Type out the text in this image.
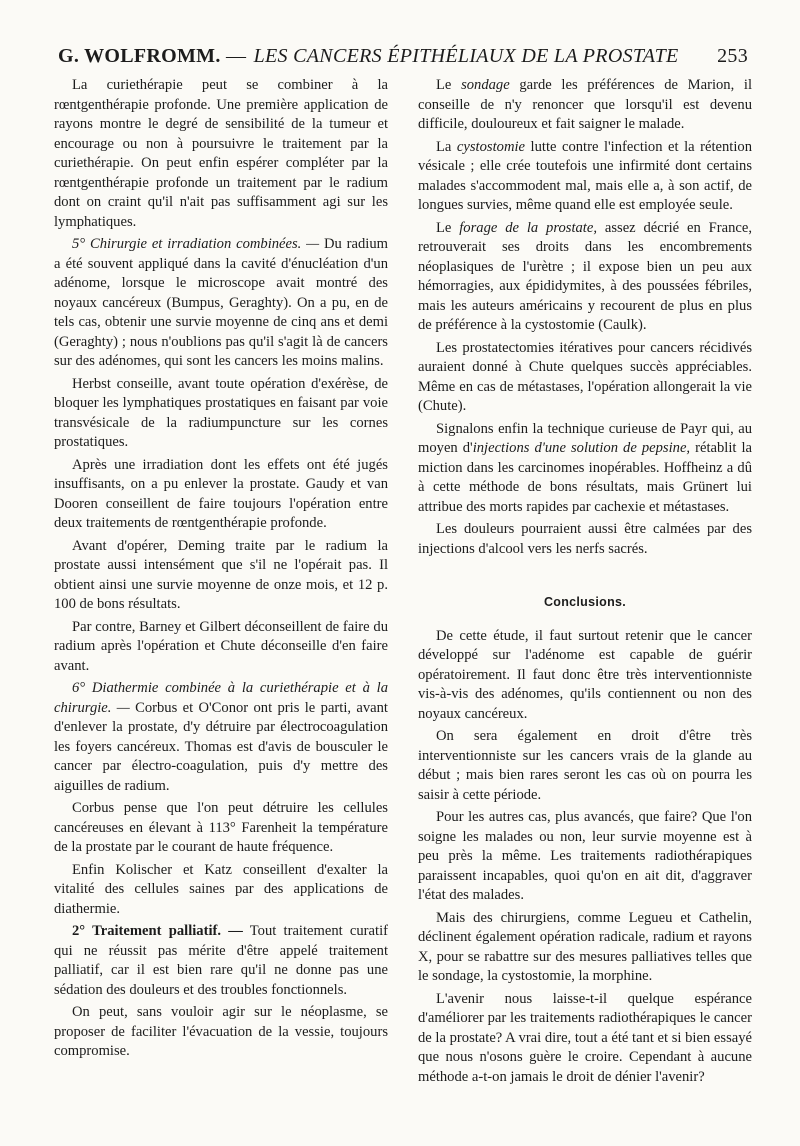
G. WOLFROMM. — LES CANCERS ÉPITHÉLIAUX DE LA PROSTATE 253

La curiethérapie peut se combiner à la rœntgenthérapie profonde. Une première application de rayons montre le degré de sensibilité de la tumeur et encourage ou non à poursuivre le traitement par la curiethérapie. On peut enfin espérer compléter par la rœntgenthérapie profonde un traitement par le radium dont on craint qu'il n'ait pas suffisamment agi sur les lymphatiques.

5° Chirurgie et irradiation combinées. — Du radium a été souvent appliqué dans la cavité d'énucléation d'un adénome, lorsque le microscope avait montré des noyaux cancéreux (Bumpus, Geraghty). On a pu, en de tels cas, obtenir une survie moyenne de cinq ans et demi (Geraghty) ; nous n'oublions pas qu'il s'agit là de cancers sur des adénomes, qui sont les cancers les moins malins.

Herbst conseille, avant toute opération d'exérèse, de bloquer les lymphatiques prostatiques en faisant par voie transvésicale de la radiumpuncture sur les cornes prostatiques.

Après une irradiation dont les effets ont été jugés insuffisants, on a pu enlever la prostate. Gaudy et van Dooren conseillent de faire toujours l'opération entre deux traitements de rœntgenthérapie profonde.

Avant d'opérer, Deming traite par le radium la prostate aussi intensément que s'il ne l'opérait pas. Il obtient ainsi une survie moyenne de onze mois, et 12 p. 100 de bons résultats.

Par contre, Barney et Gilbert déconseillent de faire du radium après l'opération et Chute déconseille d'en faire avant.

6° Diathermie combinée à la curiethérapie et à la chirurgie. — Corbus et O'Conor ont pris le parti, avant d'enlever la prostate, d'y détruire par électrocoagulation les foyers cancéreux. Thomas est d'avis de bousculer le cancer par électro-coagulation, puis d'y mettre des aiguilles de radium.

Corbus pense que l'on peut détruire les cellules cancéreuses en élevant à 113° Farenheit la température de la prostate par le courant de haute fréquence.

Enfin Kolischer et Katz conseillent d'exalter la vitalité des cellules saines par des applications de diathermie.

2° Traitement palliatif. — Tout traitement curatif qui ne réussit pas mérite d'être appelé traitement palliatif, car il est bien rare qu'il ne donne pas une sédation des douleurs et des troubles fonctionnels.

On peut, sans vouloir agir sur le néoplasme, se proposer de faciliter l'évacuation de la vessie, toujours compromise.

Le sondage garde les préférences de Marion, il conseille de n'y renoncer que lorsqu'il est devenu difficile, douloureux et fait saigner le malade.

La cystostomie lutte contre l'infection et la rétention vésicale ; elle crée toutefois une infirmité dont certains malades s'accommodent mal, mais elle a, à son actif, de longues survies, même quand elle est employée seule.

Le forage de la prostate, assez décrié en France, retrouverait ses droits dans les encombrements néoplasiques de l'urètre ; il expose bien un peu aux hémorragies, aux épididymites, à des poussées fébriles, mais les auteurs américains y recourent de plus en plus de préférence à la cystostomie (Caulk).

Les prostatectomies itératives pour cancers récidivés auraient donné à Chute quelques succès appréciables. Même en cas de métastases, l'opération allongerait la vie (Chute).

Signalons enfin la technique curieuse de Payr qui, au moyen d'injections d'une solution de pepsine, rétablit la miction dans les carcinomes inopérables. Hoffheinz a dû à cette méthode de bons résultats, mais Grünert lui attribue des morts rapides par cachexie et métastases.

Les douleurs pourraient aussi être calmées par des injections d'alcool vers les nerfs sacrés.

Conclusions.

De cette étude, il faut surtout retenir que le cancer développé sur l'adénome est capable de guérir opératoirement. Il faut donc être très interventionniste vis-à-vis des adénomes, qu'ils contiennent ou non des noyaux cancéreux.

On sera également en droit d'être très interventionniste sur les cancers vrais de la glande au début ; mais bien rares seront les cas où on pourra les saisir à cette période.

Pour les autres cas, plus avancés, que faire? Que l'on soigne les malades ou non, leur survie moyenne est à peu près la même. Les traitements radiothérapiques paraissent incapables, quoi qu'on en ait dit, d'aggraver l'état des malades.

Mais des chirurgiens, comme Legueu et Cathelin, déclinent également opération radicale, radium et rayons X, pour se rabattre sur des mesures palliatives telles que le sondage, la cystostomie, la morphine.

L'avenir nous laisse-t-il quelque espérance d'améliorer par les traitements radiothérapiques le cancer de la prostate? A vrai dire, tout a été tant et si bien essayé que nous n'osons guère le croire. Cependant à aucune méthode a-t-on jamais le droit de dénier l'avenir?
